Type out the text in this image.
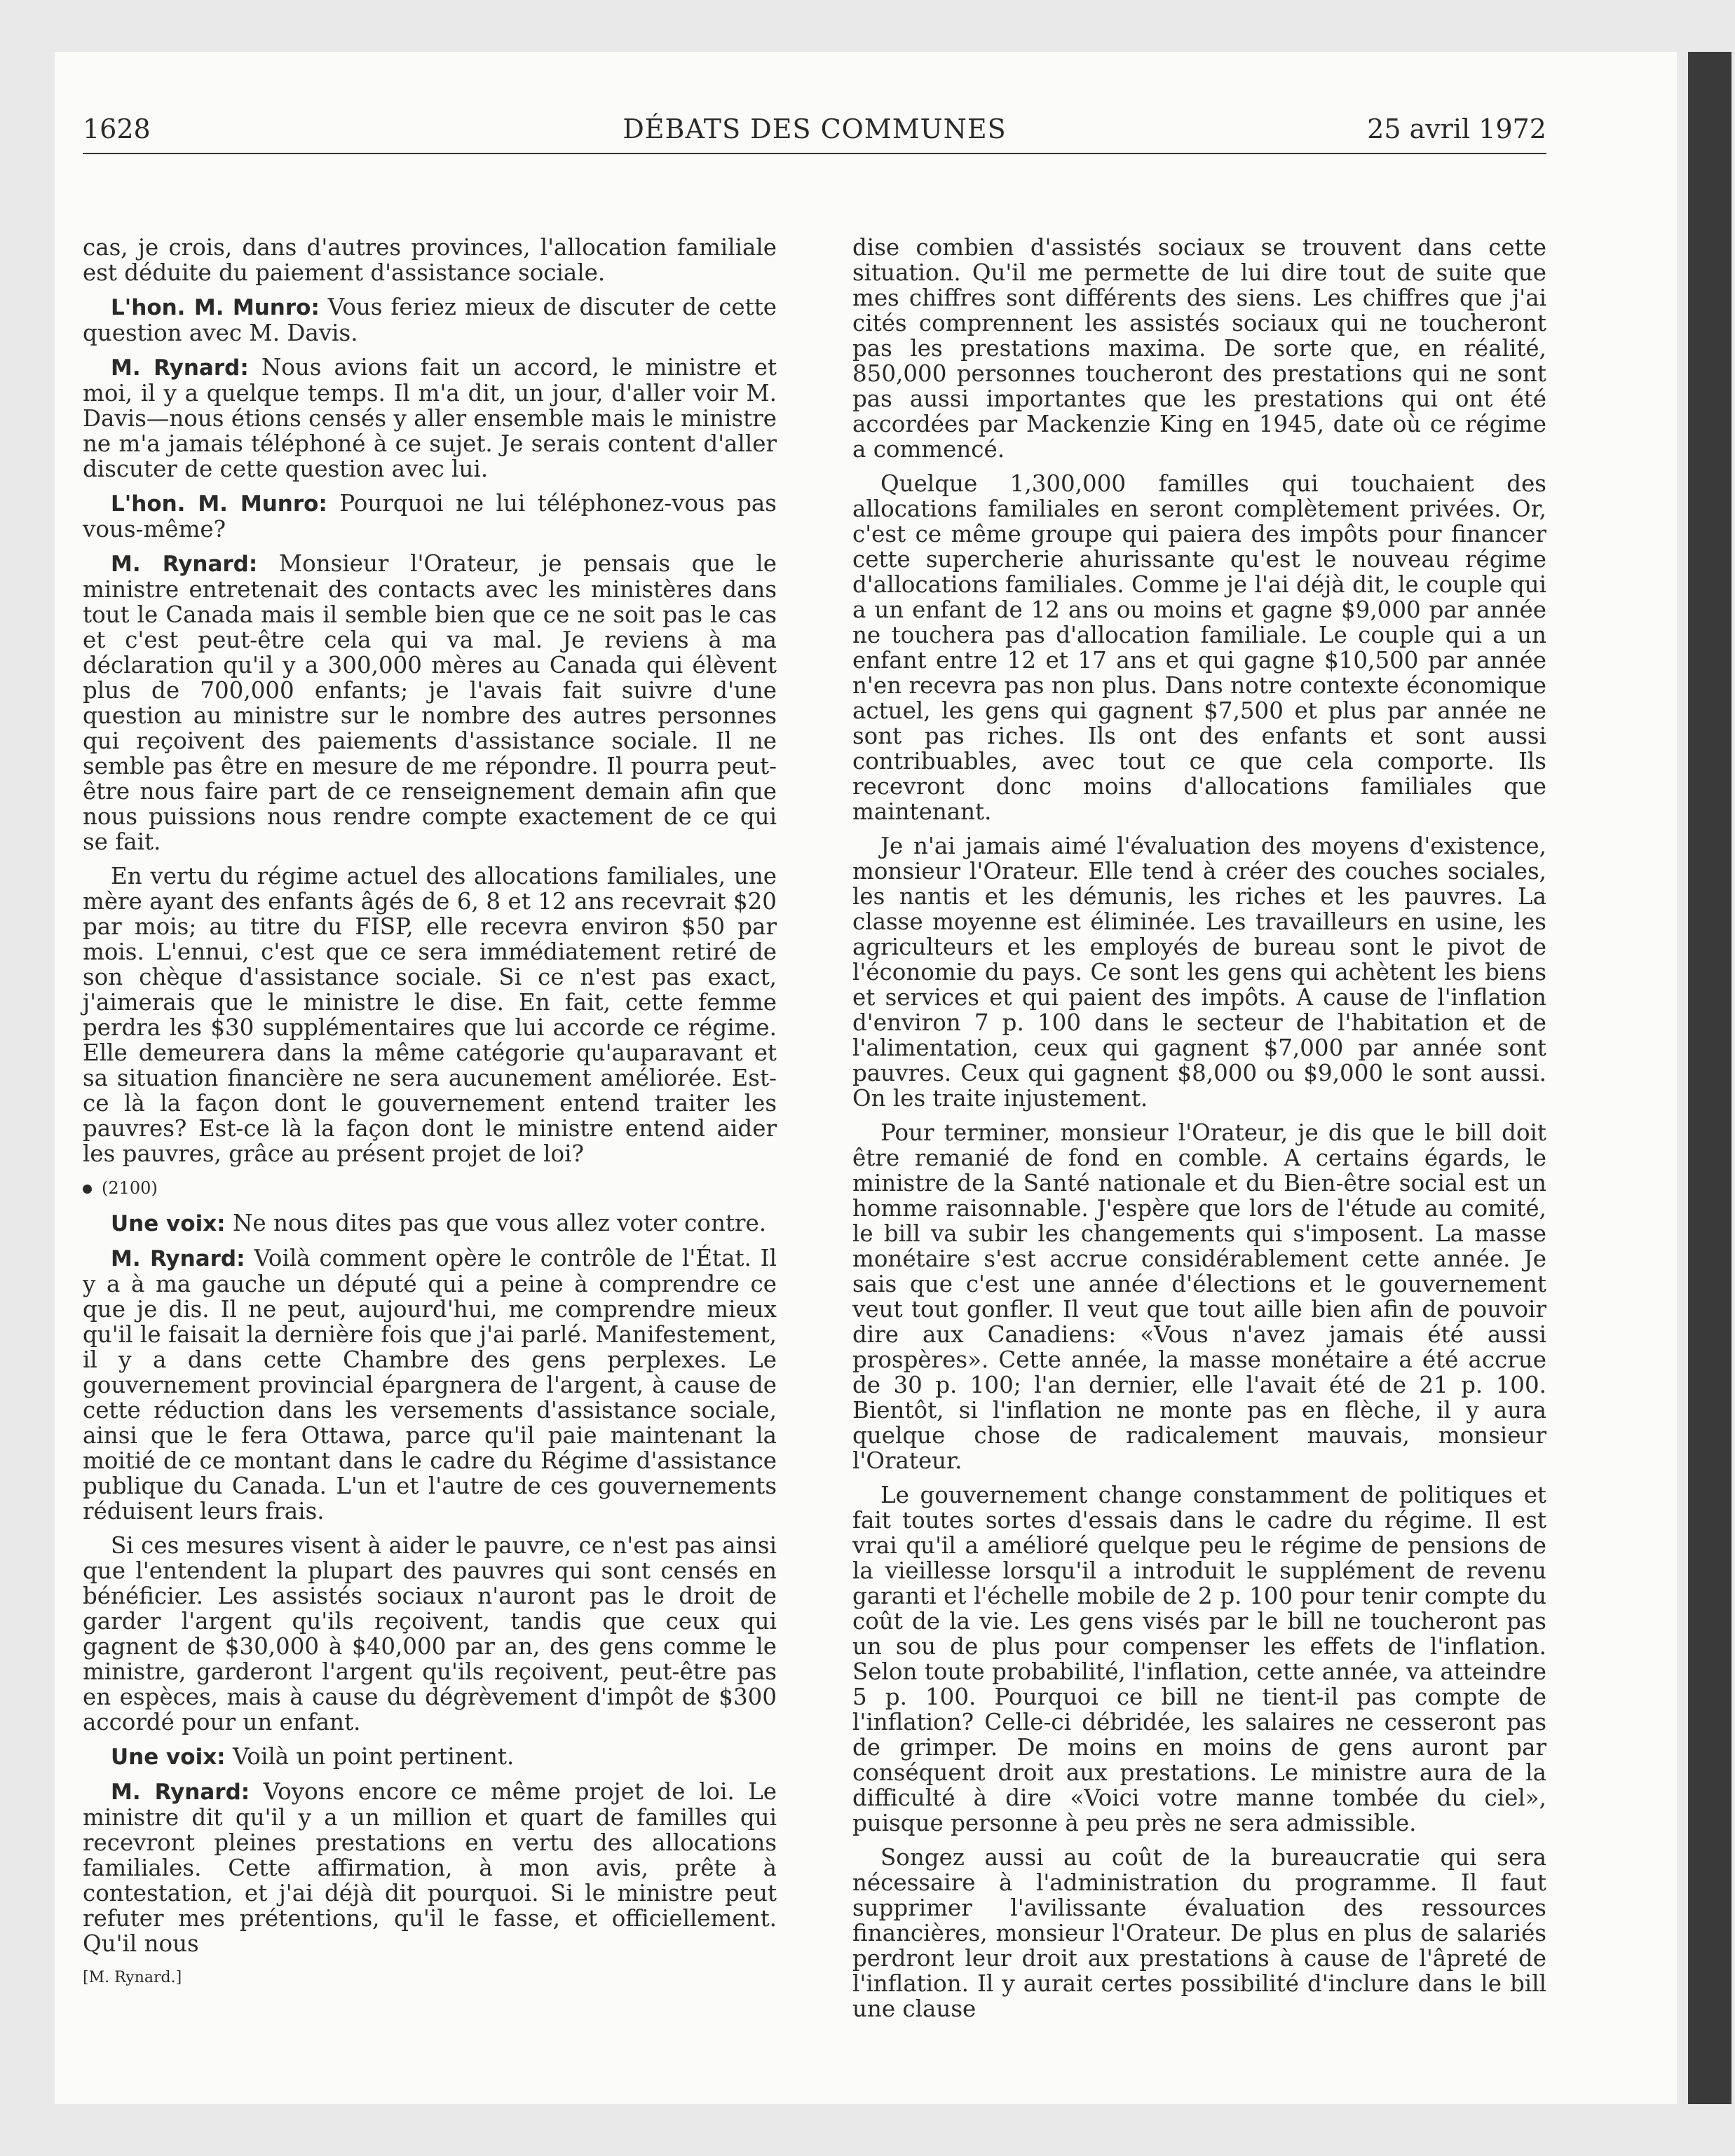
1628	DÉBATS DES COMMUNES	25 avril 1972

cas, je crois, dans d'autres provinces, l'allocation familiale est déduite du paiement d'assistance sociale.

L'hon. M. Munro: Vous feriez mieux de discuter de cette question avec M. Davis.

M. Rynard: Nous avions fait un accord, le ministre et moi, il y a quelque temps. Il m'a dit, un jour, d'aller voir M. Davis—nous étions censés y aller ensemble mais le ministre ne m'a jamais téléphoné à ce sujet. Je serais content d'aller discuter de cette question avec lui.

L'hon. M. Munro: Pourquoi ne lui téléphonez-vous pas vous-même?

M. Rynard: Monsieur l'Orateur, je pensais que le ministre entretenait des contacts avec les ministères dans tout le Canada mais il semble bien que ce ne soit pas le cas et c'est peut-être cela qui va mal. Je reviens à ma déclaration qu'il y a 300,000 mères au Canada qui élèvent plus de 700,000 enfants; je l'avais fait suivre d'une question au ministre sur le nombre des autres personnes qui reçoivent des paiements d'assistance sociale. Il ne semble pas être en mesure de me répondre. Il pourra peut-être nous faire part de ce renseignement demain afin que nous puissions nous rendre compte exactement de ce qui se fait.

En vertu du régime actuel des allocations familiales, une mère ayant des enfants âgés de 6, 8 et 12 ans recevrait $20 par mois; au titre du FISP, elle recevra environ $50 par mois. L'ennui, c'est que ce sera immédiatement retiré de son chèque d'assistance sociale. Si ce n'est pas exact, j'aimerais que le ministre le dise. En fait, cette femme perdra les $30 supplémentaires que lui accorde ce régime. Elle demeurera dans la même catégorie qu'auparavant et sa situation financière ne sera aucunement améliorée. Est-ce là la façon dont le gouvernement entend traiter les pauvres? Est-ce là la façon dont le ministre entend aider les pauvres, grâce au présent projet de loi?

(2100)

Une voix: Ne nous dites pas que vous allez voter contre.

M. Rynard: Voilà comment opère le contrôle de l'État. Il y a à ma gauche un député qui a peine à comprendre ce que je dis. Il ne peut, aujourd'hui, me comprendre mieux qu'il le faisait la dernière fois que j'ai parlé. Manifestement, il y a dans cette Chambre des gens perplexes. Le gouvernement provincial épargnera de l'argent, à cause de cette réduction dans les versements d'assistance sociale, ainsi que le fera Ottawa, parce qu'il paie maintenant la moitié de ce montant dans le cadre du Régime d'assistance publique du Canada. L'un et l'autre de ces gouvernements réduisent leurs frais.

Si ces mesures visent à aider le pauvre, ce n'est pas ainsi que l'entendent la plupart des pauvres qui sont censés en bénéficier. Les assistés sociaux n'auront pas le droit de garder l'argent qu'ils reçoivent, tandis que ceux qui gagnent de $30,000 à $40,000 par an, des gens comme le ministre, garderont l'argent qu'ils reçoivent, peut-être pas en espèces, mais à cause du dégrèvement d'impôt de $300 accordé pour un enfant.

Une voix: Voilà un point pertinent.

M. Rynard: Voyons encore ce même projet de loi. Le ministre dit qu'il y a un million et quart de familles qui recevront pleines prestations en vertu des allocations familiales. Cette affirmation, à mon avis, prête à contestation, et j'ai déjà dit pourquoi. Si le ministre peut refuter mes prétentions, qu'il le fasse, et officiellement. Qu'il nous

[M. Rynard.]

dise combien d'assistés sociaux se trouvent dans cette situation. Qu'il me permette de lui dire tout de suite que mes chiffres sont différents des siens. Les chiffres que j'ai cités comprennent les assistés sociaux qui ne toucheront pas les prestations maxima. De sorte que, en réalité, 850,000 personnes toucheront des prestations qui ne sont pas aussi importantes que les prestations qui ont été accordées par Mackenzie King en 1945, date où ce régime a commencé.

Quelque 1,300,000 familles qui touchaient des allocations familiales en seront complètement privées. Or, c'est ce même groupe qui paiera des impôts pour financer cette supercherie ahurissante qu'est le nouveau régime d'allocations familiales. Comme je l'ai déjà dit, le couple qui a un enfant de 12 ans ou moins et gagne $9,000 par année ne touchera pas d'allocation familiale. Le couple qui a un enfant entre 12 et 17 ans et qui gagne $10,500 par année n'en recevra pas non plus. Dans notre contexte économique actuel, les gens qui gagnent $7,500 et plus par année ne sont pas riches. Ils ont des enfants et sont aussi contribuables, avec tout ce que cela comporte. Ils recevront donc moins d'allocations familiales que maintenant.

Je n'ai jamais aimé l'évaluation des moyens d'existence, monsieur l'Orateur. Elle tend à créer des couches sociales, les nantis et les démunis, les riches et les pauvres. La classe moyenne est éliminée. Les travailleurs en usine, les agriculteurs et les employés de bureau sont le pivot de l'économie du pays. Ce sont les gens qui achètent les biens et services et qui paient des impôts. A cause de l'inflation d'environ 7 p. 100 dans le secteur de l'habitation et de l'alimentation, ceux qui gagnent $7,000 par année sont pauvres. Ceux qui gagnent $8,000 ou $9,000 le sont aussi. On les traite injustement.

Pour terminer, monsieur l'Orateur, je dis que le bill doit être remanié de fond en comble. A certains égards, le ministre de la Santé nationale et du Bien-être social est un homme raisonnable. J'espère que lors de l'étude au comité, le bill va subir les changements qui s'imposent. La masse monétaire s'est accrue considérablement cette année. Je sais que c'est une année d'élections et le gouvernement veut tout gonfler. Il veut que tout aille bien afin de pouvoir dire aux Canadiens: «Vous n'avez jamais été aussi prospères». Cette année, la masse monétaire a été accrue de 30 p. 100; l'an dernier, elle l'avait été de 21 p. 100. Bientôt, si l'inflation ne monte pas en flèche, il y aura quelque chose de radicalement mauvais, monsieur l'Orateur.

Le gouvernement change constamment de politiques et fait toutes sortes d'essais dans le cadre du régime. Il est vrai qu'il a amélioré quelque peu le régime de pensions de la vieillesse lorsqu'il a introduit le supplément de revenu garanti et l'échelle mobile de 2 p. 100 pour tenir compte du coût de la vie. Les gens visés par le bill ne toucheront pas un sou de plus pour compenser les effets de l'inflation. Selon toute probabilité, l'inflation, cette année, va atteindre 5 p. 100. Pourquoi ce bill ne tient-il pas compte de l'inflation? Celle-ci débridée, les salaires ne cesseront pas de grimper. De moins en moins de gens auront par conséquent droit aux prestations. Le ministre aura de la difficulté à dire «Voici votre manne tombée du ciel», puisque personne à peu près ne sera admissible.

Songez aussi au coût de la bureaucratie qui sera nécessaire à l'administration du programme. Il faut supprimer l'avilissante évaluation des ressources financières, monsieur l'Orateur. De plus en plus de salariés perdront leur droit aux prestations à cause de l'âpreté de l'inflation. Il y aurait certes possibilité d'inclure dans le bill une clause
